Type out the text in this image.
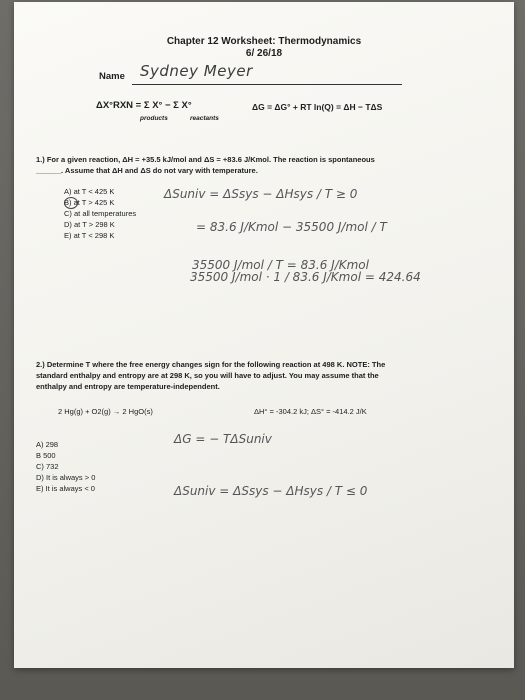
Chapter 12 Worksheet: Thermodynamics
6/ 26/18
Name Sydney Meyer
ΔX°RXN = Σ X° − Σ X°
products	reactants
ΔG = ΔG° + RT ln(Q) = ΔH − TΔS
1.) For a given reaction, ΔH = +35.5 kJ/mol and ΔS = +83.6 J/Kmol. The reaction is spontaneous
______. Assume that ΔH and ΔS do not vary with temperature.
A) at T < 425 K
B) at T > 425 K
C) at all temperatures
D) at T > 298 K
E) at T < 298 K
ΔSuniv = ΔSsys − ΔHsys / T ≥ 0
= 83.6 J/Kmol − 35500 J/mol / T
35500 J/mol / T = 83.6 J/Kmol
35500 J/mol · 1 / 83.6 J/Kmol = 424.64
2.) Determine T where the free energy changes sign for the following reaction at 498 K. NOTE: The
standard enthalpy and entropy are at 298 K, so you will have to adjust. You may assume that the
enthalpy and entropy are temperature-independent.
2 Hg(g) + O2(g) → 2 HgO(s)	ΔH° = -304.2 kJ; ΔS° = -414.2 J/K
A) 298
B 500
C) 732
D) It is always > 0
E) It is always < 0
ΔG = − TΔSuniv
ΔSuniv = ΔSsys − ΔHsys / T ≤ 0
